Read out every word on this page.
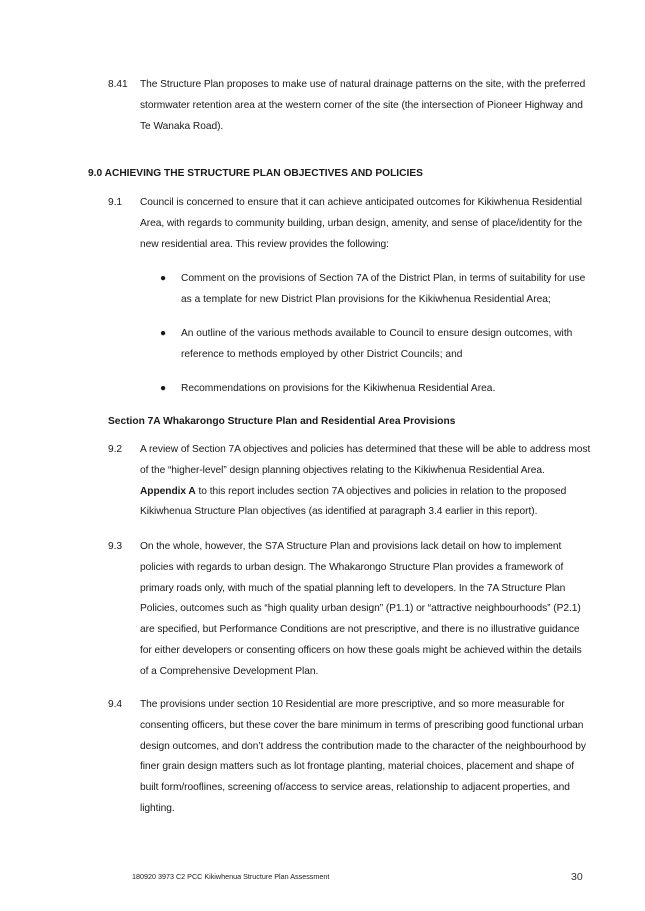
8.41 The Structure Plan proposes to make use of natural drainage patterns on the site, with the preferred stormwater retention area at the western corner of the site (the intersection of Pioneer Highway and Te Wanaka Road).
9.0 ACHIEVING THE STRUCTURE PLAN OBJECTIVES AND POLICIES
9.1 Council is concerned to ensure that it can achieve anticipated outcomes for Kikiwhenua Residential Area, with regards to community building, urban design, amenity, and sense of place/identity for the new residential area. This review provides the following:
● Comment on the provisions of Section 7A of the District Plan, in terms of suitability for use as a template for new District Plan provisions for the Kikiwhenua Residential Area;
● An outline of the various methods available to Council to ensure design outcomes, with reference to methods employed by other District Councils; and
● Recommendations on provisions for the Kikiwhenua Residential Area.
Section 7A Whakarongo Structure Plan and Residential Area Provisions
9.2 A review of Section 7A objectives and policies has determined that these will be able to address most of the “higher-level” design planning objectives relating to the Kikiwhenua Residential Area. Appendix A to this report includes section 7A objectives and policies in relation to the proposed Kikiwhenua Structure Plan objectives (as identified at paragraph 3.4 earlier in this report).
9.3 On the whole, however, the S7A Structure Plan and provisions lack detail on how to implement policies with regards to urban design. The Whakarongo Structure Plan provides a framework of primary roads only, with much of the spatial planning left to developers. In the 7A Structure Plan Policies, outcomes such as “high quality urban design” (P1.1) or “attractive neighbourhoods” (P2.1) are specified, but Performance Conditions are not prescriptive, and there is no illustrative guidance for either developers or consenting officers on how these goals might be achieved within the details of a Comprehensive Development Plan.
9.4 The provisions under section 10 Residential are more prescriptive, and so more measurable for consenting officers, but these cover the bare minimum in terms of prescribing good functional urban design outcomes, and don’t address the contribution made to the character of the neighbourhood by finer grain design matters such as lot frontage planting, material choices, placement and shape of built form/rooflines, screening of/access to service areas, relationship to adjacent properties, and lighting.
180920 3973 C2 PCC Kikiwhenua Structure Plan Assessment	30
